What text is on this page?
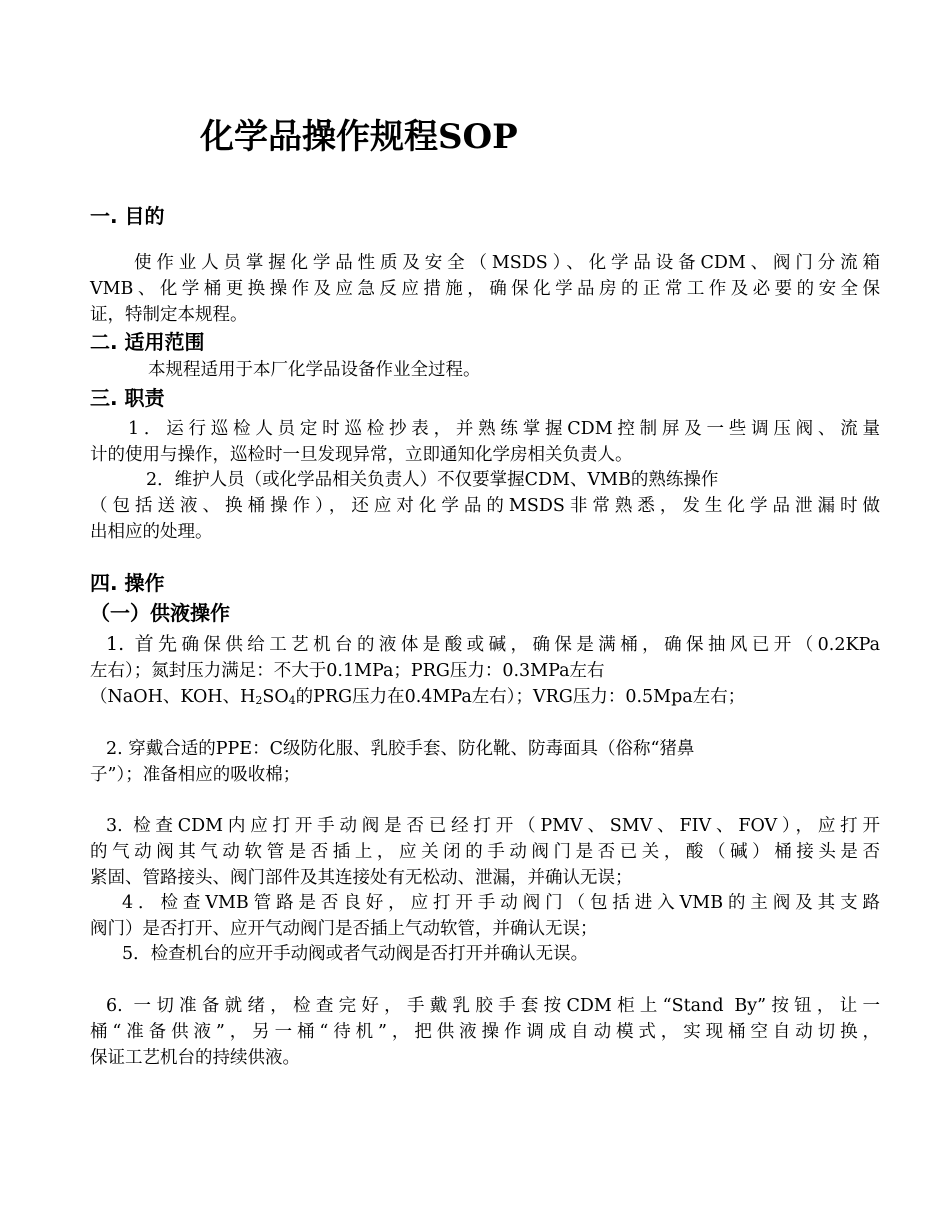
化学品操作规程SOP
一. 目的
使作业人员掌握化学品性质及安全（MSDS）、化学品设备CDM、阀门分流箱
VMB、化学桶更换操作及应急反应措施，确保化学品房的正常工作及必要的安全保
证，特制定本规程。
二. 适用范围
本规程适用于本厂化学品设备作业全过程。
三. 职责
1．运行巡检人员定时巡检抄表，并熟练掌握CDM控制屏及一些调压阀、流量
计的使用与操作，巡检时一旦发现异常，立即通知化学房相关负责人。
2．维护人员（或化学品相关负责人）不仅要掌握CDM、VMB的熟练操作
（包括送液、换桶操作），还应对化学品的MSDS非常熟悉，发生化学品泄漏时做
出相应的处理。
四. 操作
（一）供液操作
1. 首先确保供给工艺机台的液体是酸或碱，确保是满桶，确保抽风已开（0.2KPa
左右）；氮封压力满足：不大于0.1MPa；PRG压力：0.3MPa左右
（NaOH、KOH、$H_2SO_4$的PRG压力在0.4MPa左右）；VRG压力：0.5Mpa左右；
2. 穿戴合适的PPE：C级防化服、乳胶手套、防化靴、防毒面具（俗称“猪鼻
子”）；准备相应的吸收棉；
3. 检查CDM内应打开手动阀是否已经打开（PMV、SMV、FIV、FOV），应打开
的气动阀其气动软管是否插上，应关闭的手动阀门是否已关，酸（碱）桶接头是否
紧固、管路接头、阀门部件及其连接处有无松动、泄漏，并确认无误；
4．检查VMB管路是否良好，应打开手动阀门（包括进入VMB的主阀及其支路
阀门）是否打开、应开气动阀门是否插上气动软管，并确认无误；
5．检查机台的应开手动阀或者气动阀是否打开并确认无误。
6. 一切准备就绪，检查完好，手戴乳胶手套按CDM柜上“Stand By”按钮，让一
桶“准备供液”，另一桶“待机”，把供液操作调成自动模式，实现桶空自动切换，
保证工艺机台的持续供液。
